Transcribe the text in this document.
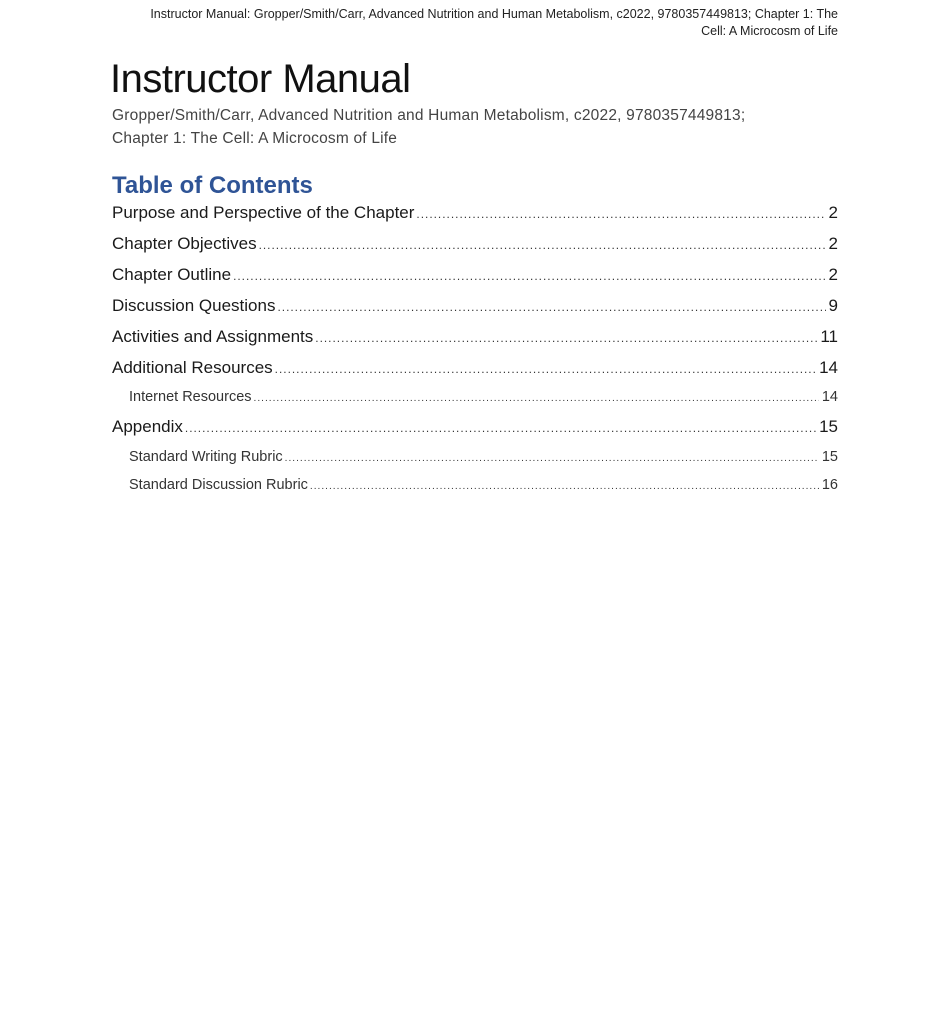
Instructor Manual: Gropper/Smith/Carr, Advanced Nutrition and Human Metabolism, c2022, 9780357449813; Chapter 1: The
Cell: A Microcosm of Life
Instructor Manual
Gropper/Smith/Carr, Advanced Nutrition and Human Metabolism, c2022, 9780357449813;
Chapter 1: The Cell: A Microcosm of Life
Table of Contents
Purpose and Perspective of the Chapter .....	2
Chapter Objectives .....	2
Chapter Outline .....	2
Discussion Questions .....	9
Activities and Assignments .....	11
Additional Resources .....	14
Internet Resources .....	14
Appendix .....	15
Standard Writing Rubric .....	15
Standard Discussion Rubric .....	16
